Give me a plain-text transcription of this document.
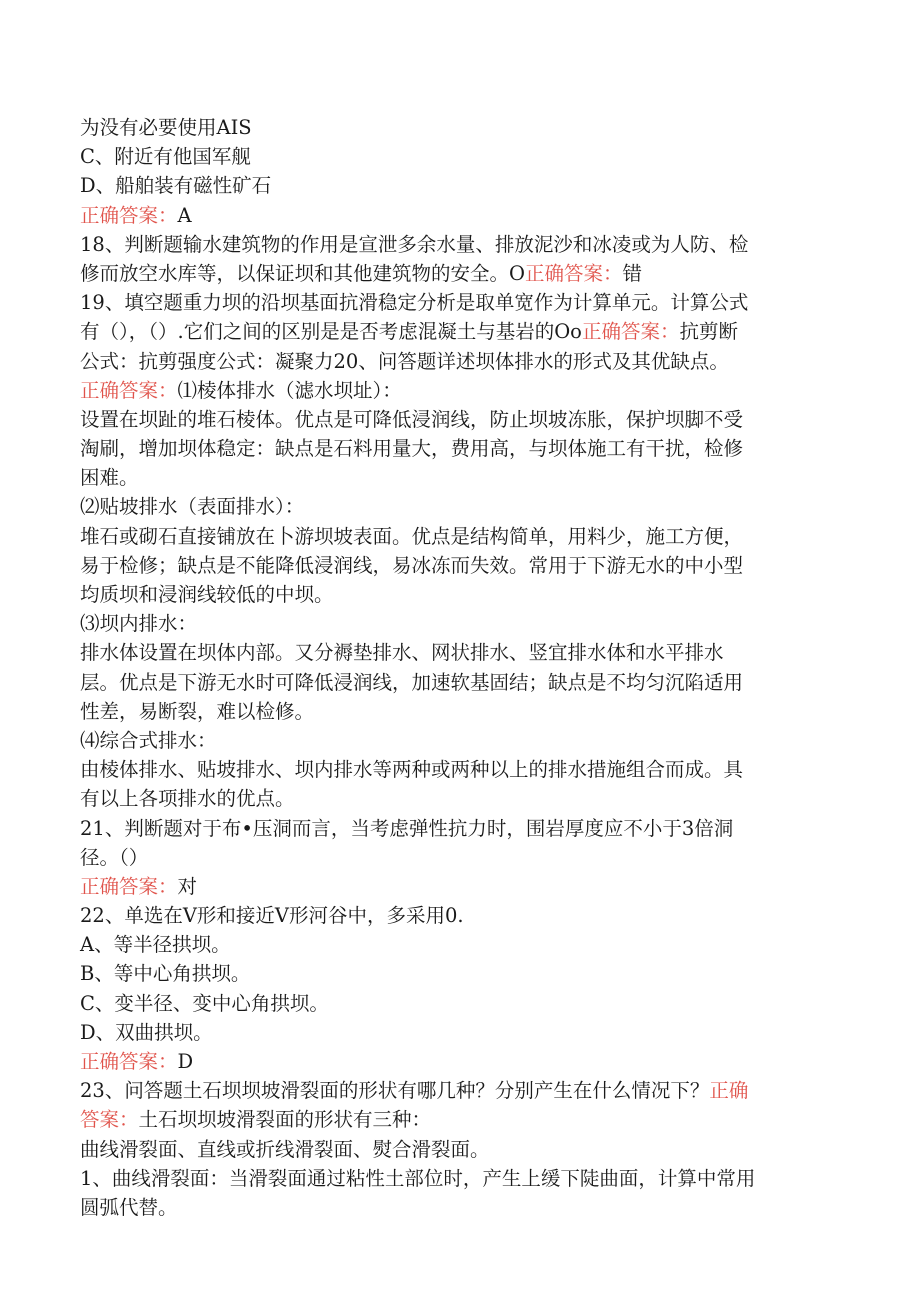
为没有必要使用AIS
C、附近有他国军舰
D、船舶装有磁性矿石
正确答案：A
18、判断题输水建筑物的作用是宣泄多余水量、排放泥沙和冰凌或为人防、检
修而放空水库等，以保证坝和其他建筑物的安全。O正确答案：错
19、填空题重力坝的沿坝基面抗滑稳定分析是取单宽作为计算单元。计算公式
有（），（）.它们之间的区别是是否考虑混凝土与基岩的Oo正确答案：抗剪断
公式：抗剪强度公式：凝聚力20、问答题详述坝体排水的形式及其优缺点。
正确答案：⑴棱体排水（滤水坝址）：
设置在坝趾的堆石棱体。优点是可降低浸润线，防止坝坡冻胀，保护坝脚不受
淘刷，增加坝体稳定：缺点是石料用量大，费用高，与坝体施工有干扰，检修
困难。
⑵贴坡排水（表面排水）：
堆石或砌石直接铺放在卜游坝坡表面。优点是结构简单，用料少，施工方便，
易于检修；缺点是不能降低浸润线，易冰冻而失效。常用于下游无水的中小型
均质坝和浸润线较低的中坝。
⑶坝内排水：
排水体设置在坝体内部。又分褥垫排水、网状排水、竖宜排水体和水平排水
层。优点是下游无水时可降低浸润线，加速软基固结；缺点是不均匀沉陷适用
性差，易断裂，难以检修。
⑷综合式排水：
由棱体排水、贴坡排水、坝内排水等两种或两种以上的排水措施组合而成。具
有以上各项排水的优点。
21、判断题对于布•压洞而言，当考虑弹性抗力时，围岩厚度应不小于3倍洞
径。（）
正确答案：对
22、单选在V形和接近V形河谷中，多采用0.
A、等半径拱坝。
B、等中心角拱坝。
C、变半径、变中心角拱坝。
D、双曲拱坝。
正确答案：D
23、问答题土石坝坝坡滑裂面的形状有哪几种？分别产生在什么情况下？正确
答案：土石坝坝坡滑裂面的形状有三种：
曲线滑裂面、直线或折线滑裂面、熨合滑裂面。
1、曲线滑裂面：当滑裂面通过粘性土部位时，产生上缓下陡曲面，计算中常用
圆弧代替。
